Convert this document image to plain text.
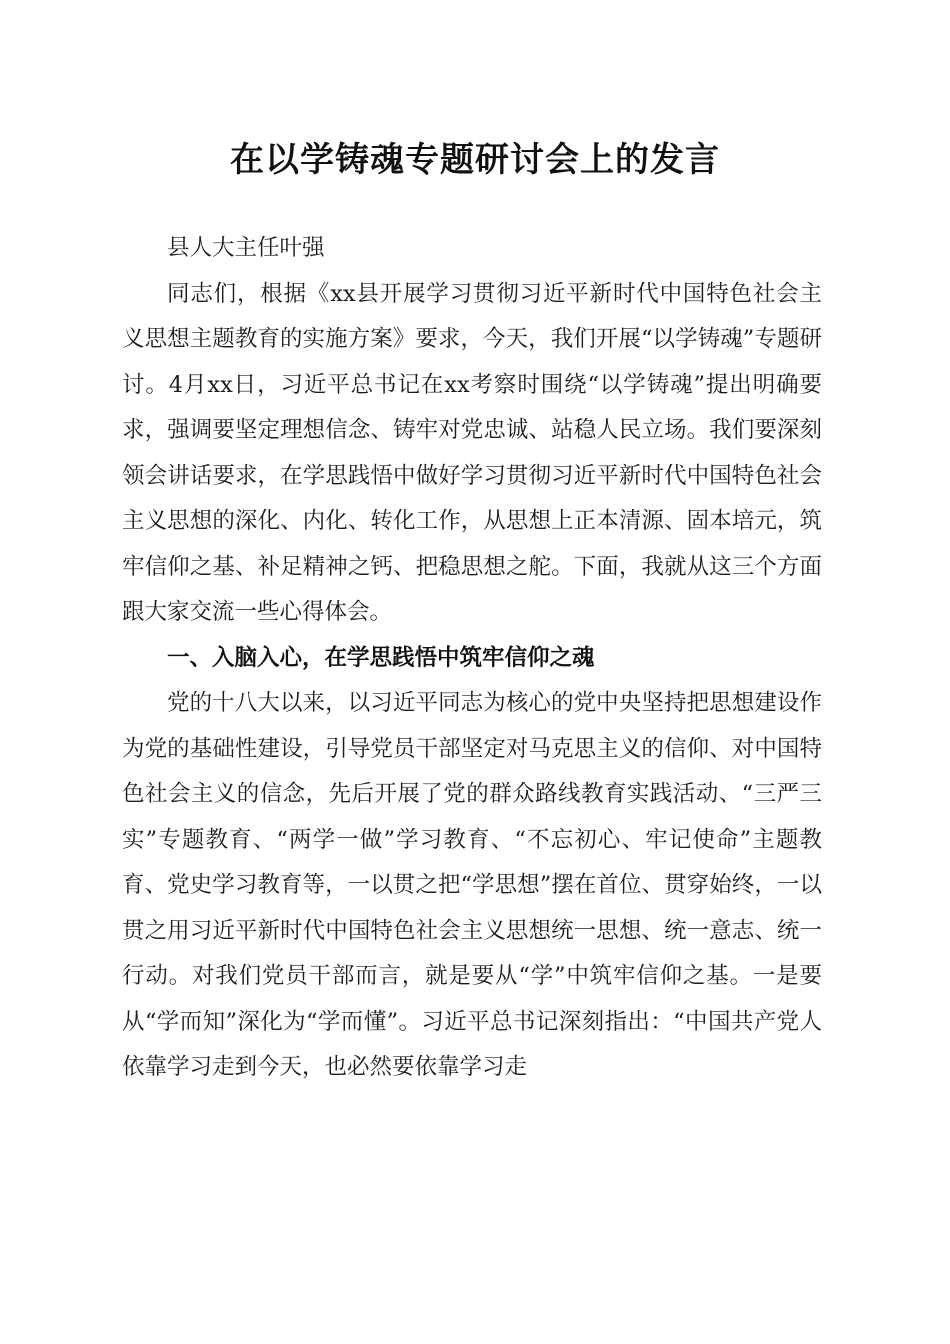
在以学铸魂专题研讨会上的发言

县人大主任叶强

同志们，根据《xx县开展学习贯彻习近平新时代中国特色社会主义思想主题教育的实施方案》要求，今天，我们开展“以学铸魂”专题研讨。4月xx日，习近平总书记在xx考察时围绕“以学铸魂”提出明确要求，强调要坚定理想信念、铸牢对党忠诚、站稳人民立场。我们要深刻领会讲话要求，在学思践悟中做好学习贯彻习近平新时代中国特色社会主义思想的深化、内化、转化工作，从思想上正本清源、固本培元，筑牢信仰之基、补足精神之钙、把稳思想之舵。下面，我就从这三个方面跟大家交流一些心得体会。

一、入脑入心，在学思践悟中筑牢信仰之魂

党的十八大以来，以习近平同志为核心的党中央坚持把思想建设作为党的基础性建设，引导党员干部坚定对马克思主义的信仰、对中国特色社会主义的信念，先后开展了党的群众路线教育实践活动、“三严三实”专题教育、“两学一做”学习教育、“不忘初心、牢记使命”主题教育、党史学习教育等，一以贯之把“学思想”摆在首位、贯穿始终，一以贯之用习近平新时代中国特色社会主义思想统一思想、统一意志、统一行动。对我们党员干部而言，就是要从“学”中筑牢信仰之基。一是要从“学而知”深化为“学而懂”。习近平总书记深刻指出：“中国共产党人依靠学习走到今天，也必然要依靠学习走
